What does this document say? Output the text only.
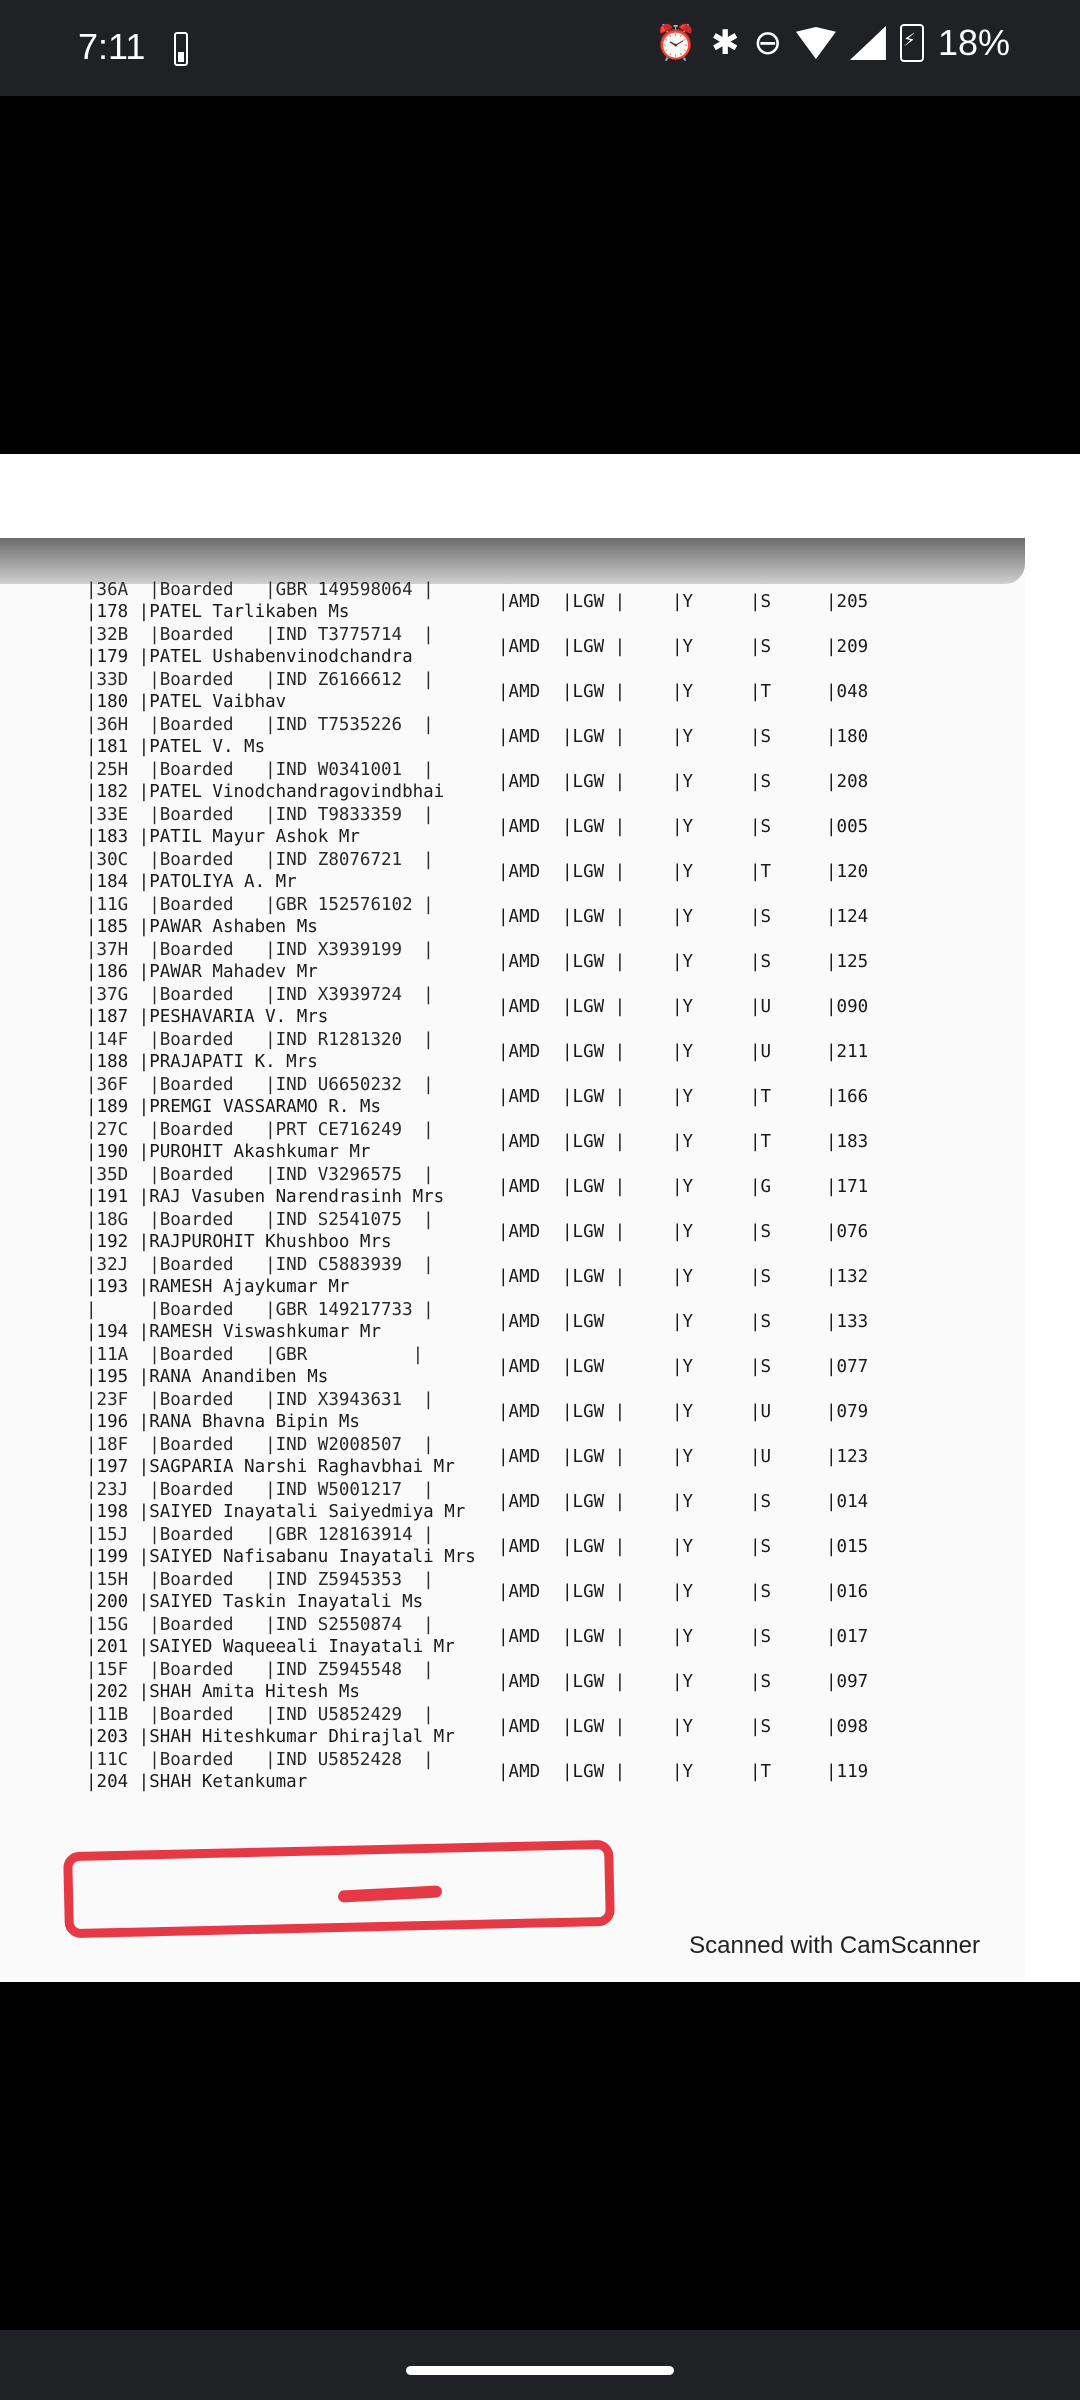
7:11	⏰ ✱ ⊖
⚡	18%
|36A  |Boarded   |GBR 149598064 |
|178 |PATEL Tarlikaben Ms	|AMD |LGW |	|Y	|S	|205
|32B  |Boarded   |IND T3775714  |
|179 |PATEL Ushabenvinodchandra	|AMD |LGW |	|Y	|S	|209
|33D  |Boarded   |IND Z6166612  |
|180 |PATEL Vaibhav	|AMD |LGW |	|Y	|T	|048
|36H  |Boarded   |IND T7535226  |
|181 |PATEL V. Ms	|AMD |LGW |	|Y	|S	|180
|25H  |Boarded   |IND W0341001  |
|182 |PATEL Vinodchandragovindbhai	|AMD |LGW |	|Y	|S	|208
|33E  |Boarded   |IND T9833359  |
|183 |PATIL Mayur Ashok Mr	|AMD |LGW |	|Y	|S	|005
|30C  |Boarded   |IND Z8076721  |
|184 |PATOLIYA A. Mr	|AMD |LGW |	|Y	|T	|120
|11G  |Boarded   |GBR 152576102 |
|185 |PAWAR Ashaben Ms	|AMD |LGW |	|Y	|S	|124
|37H  |Boarded   |IND X3939199  |
|186 |PAWAR Mahadev Mr	|AMD |LGW |	|Y	|S	|125
|37G  |Boarded   |IND X3939724  |
|187 |PESHAVARIA V. Mrs	|AMD |LGW |	|Y	|U	|090
|14F  |Boarded   |IND R1281320  |
|188 |PRAJAPATI K. Mrs	|AMD |LGW |	|Y	|U	|211
|36F  |Boarded   |IND U6650232  |
|189 |PREMGI VASSARAMO R. Ms	|AMD |LGW |	|Y	|T	|166
|27C  |Boarded   |PRT CE716249  |
|190 |PUROHIT Akashkumar Mr	|AMD |LGW |	|Y	|T	|183
|35D  |Boarded   |IND V3296575  |
|191 |RAJ Vasuben Narendrasinh Mrs	|AMD |LGW |	|Y	|G	|171
|18G  |Boarded   |IND S2541075  |
|192 |RAJPUROHIT Khushboo Mrs	|AMD |LGW |	|Y	|S	|076
|32J  |Boarded   |IND C5883939  |
|193 |RAMESH Ajaykumar Mr	|AMD |LGW |	|Y	|S	|132
|     |Boarded   |GBR 149217733 |
|194 |RAMESH Viswashkumar Mr	|AMD |LGW	|Y	|S	|133
|11A  |Boarded   |GBR          |
|195 |RANA Anandiben Ms	|AMD |LGW	|Y	|S	|077
|23F  |Boarded   |IND X3943631  |
|196 |RANA Bhavna Bipin Ms	|AMD |LGW |	|Y	|U	|079
|18F  |Boarded   |IND W2008507  |
|197 |SAGPARIA Narshi Raghavbhai Mr |AMD |LGW |	|Y	|U	|123
|23J  |Boarded   |IND W5001217  |
|198 |SAIYED Inayatali Saiyedmiya Mr |AMD |LGW |	|Y	|S	|014
|15J  |Boarded   |GBR 128163914 |
|199 |SAIYED Nafisabanu Inayatali Mrs |AMD |LGW |	|Y	|S	|015
|15H  |Boarded   |IND Z5945353  |
|200 |SAIYED Taskin Inayatali Ms	|AMD |LGW |	|Y	|S	|016
|15G  |Boarded   |IND S2550874  |
|201 |SAIYED Waqueeali Inayatali Mr |AMD |LGW |	|Y	|S	|017
|15F  |Boarded   |IND Z5945548  |
|202 |SHAH Amita Hitesh Ms	|AMD |LGW |	|Y	|S	|097
|11B  |Boarded   |IND U5852429  |
|203 |SHAH Hiteshkumar Dhirajlal Mr |AMD |LGW |	|Y	|S	|098
|11C  |Boarded   |IND U5852428  |
|204 |SHAH Ketankumar	|AMD |LGW |	|Y	|T	|119
Scanned with CamScanner
